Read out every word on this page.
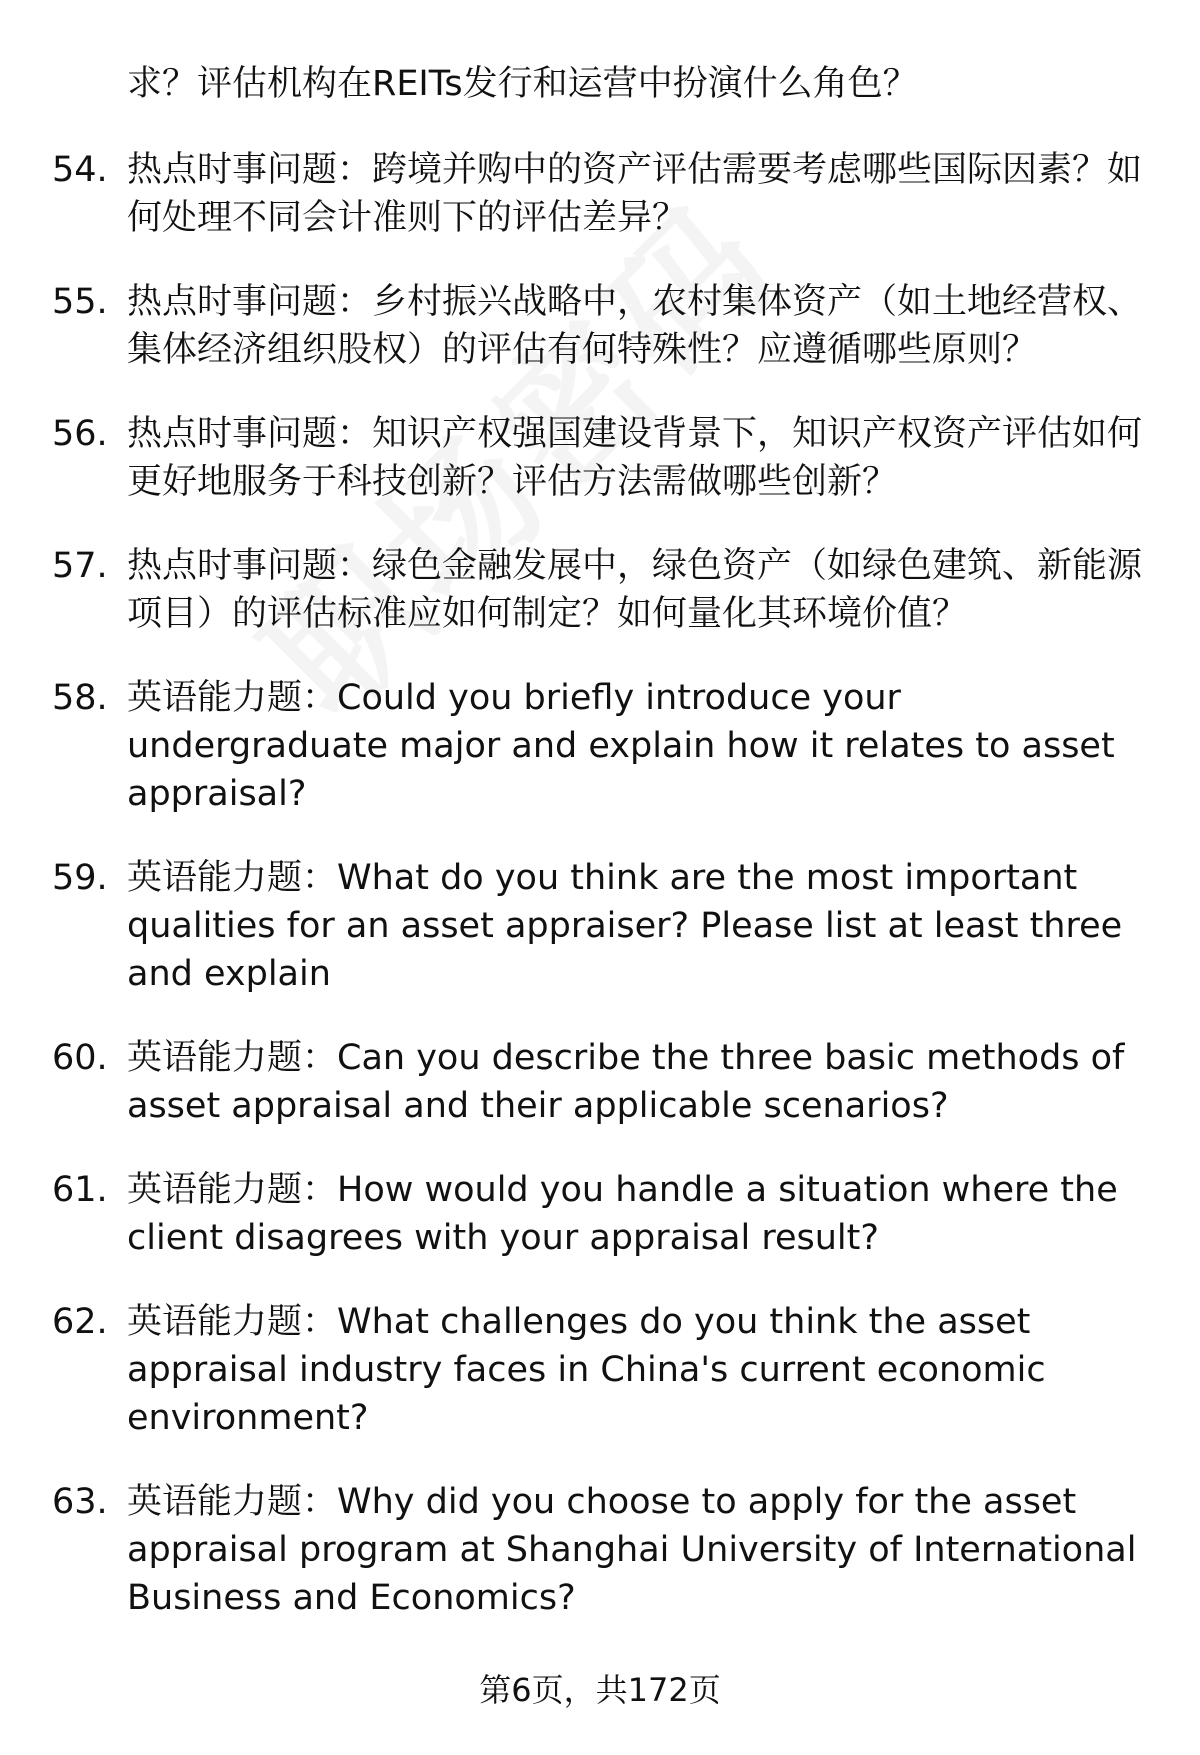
求？评估机构在REITs发行和运营中扮演什么角色？
54. 热点时事问题：跨境并购中的资产评估需要考虑哪些国际因素？如何处理不同会计准则下的评估差异？
55. 热点时事问题：乡村振兴战略中，农村集体资产（如土地经营权、集体经济组织股权）的评估有何特殊性？应遵循哪些原则？
56. 热点时事问题：知识产权强国建设背景下，知识产权资产评估如何更好地服务于科技创新？评估方法需做哪些创新？
57. 热点时事问题：绿色金融发展中，绿色资产（如绿色建筑、新能源项目）的评估标准应如何制定？如何量化其环境价值？
58. 英语能力题：Could you briefly introduce your undergraduate major and explain how it relates to asset appraisal?
59. 英语能力题：What do you think are the most important qualities for an asset appraiser? Please list at least three and explain
60. 英语能力题：Can you describe the three basic methods of asset appraisal and their applicable scenarios?
61. 英语能力题：How would you handle a situation where the client disagrees with your appraisal result?
62. 英语能力题：What challenges do you think the asset appraisal industry faces in China's current economic environment?
63. 英语能力题：Why did you choose to apply for the asset appraisal program at Shanghai University of International Business and Economics?
第6页，共172页
